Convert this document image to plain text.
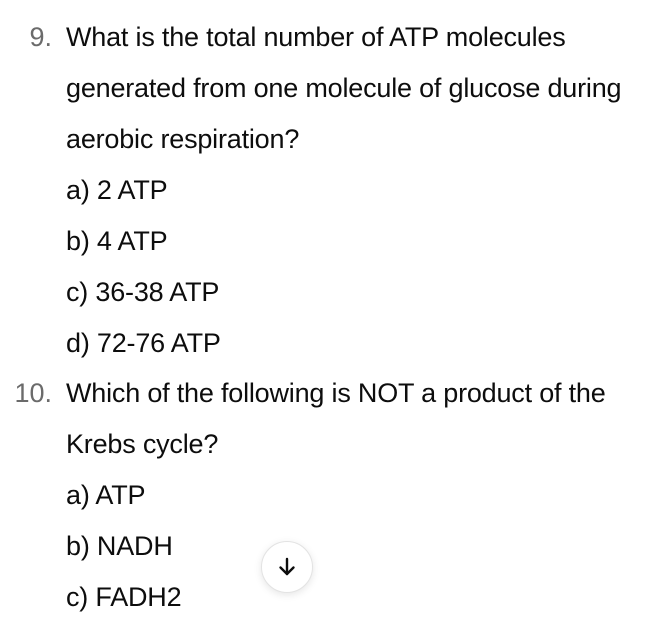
9. What is the total number of ATP molecules generated from one molecule of glucose during aerobic respiration?
a) 2 ATP
b) 4 ATP
c) 36-38 ATP
d) 72-76 ATP
10. Which of the following is NOT a product of the Krebs cycle?
a) ATP
b) NADH
c) FADH2
